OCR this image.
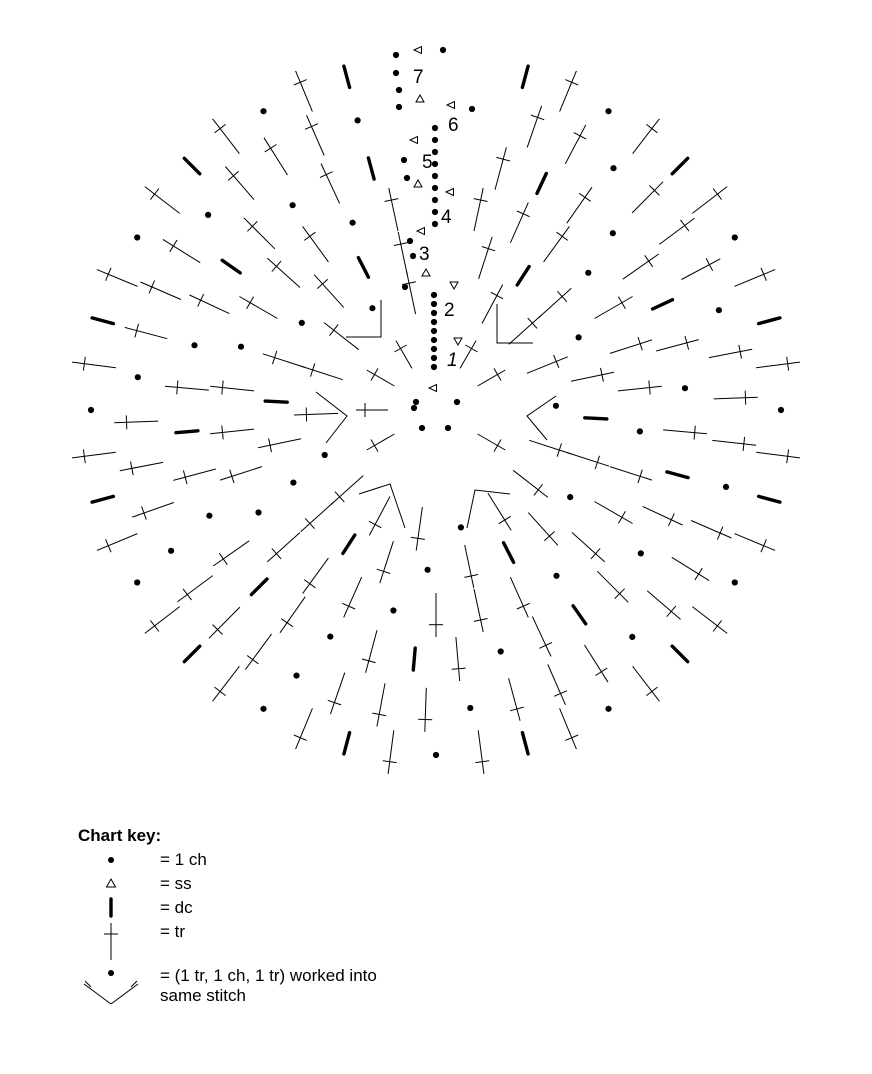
1
2
3
4
5
6
7
Chart key:
= 1 ch
= ss
= dc
= tr
= (1 tr, 1 ch, 1 tr) worked into
same stitch
